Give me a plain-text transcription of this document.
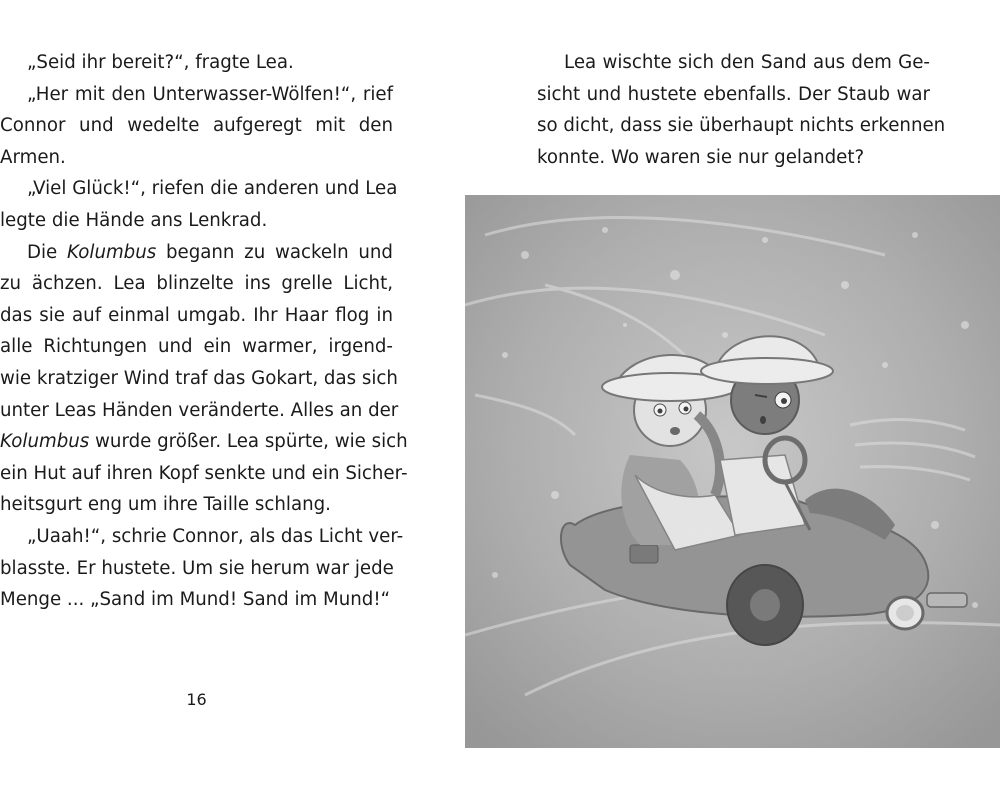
„Seid ihr bereit?“, fragte Lea.
„Her mit den Unterwasser-Wölfen!“, rief
Connor und wedelte aufgeregt mit den
Armen.
„Viel Glück!“, riefen die anderen und Lea
legte die Hände ans Lenkrad.
Die Kolumbus begann zu wackeln und
zu ächzen. Lea blinzelte ins grelle Licht,
das sie auf einmal umgab. Ihr Haar flog in
alle Richtungen und ein warmer, irgend-
wie kratziger Wind traf das Gokart, das sich
unter Leas Händen veränderte. Alles an der
Kolumbus wurde größer. Lea spürte, wie sich
ein Hut auf ihren Kopf senkte und ein Sicher-
heitsgurt eng um ihre Taille schlang.
„Uaah!“, schrie Connor, als das Licht ver-
blasste. Er hustete. Um sie herum war jede
Menge ... „Sand im Mund! Sand im Mund!“
16
Lea wischte sich den Sand aus dem Ge-
sicht und hustete ebenfalls. Der Staub war
so dicht, dass sie überhaupt nichts erkennen
konnte. Wo waren sie nur gelandet?
